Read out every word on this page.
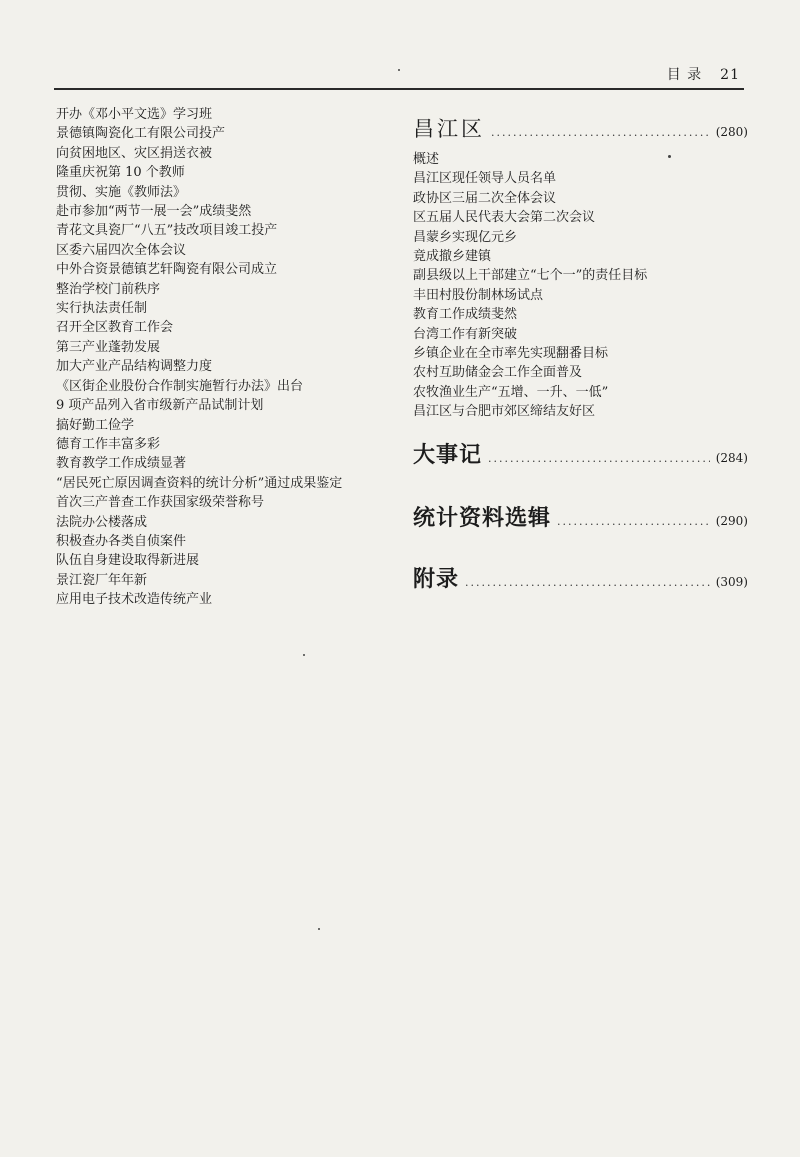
目 录 21
开办《邓小平文选》学习班
景德镇陶瓷化工有限公司投产
向贫困地区、灾区捐送衣被
隆重庆祝第 10 个教师
贯彻、实施《教师法》
赴市参加“两节一展一会”成绩斐然
青花文具瓷厂“八五”技改项目竣工投产
区委六届四次全体会议
中外合资景德镇艺轩陶瓷有限公司成立
整治学校门前秩序
实行执法责任制
召开全区教育工作会
第三产业蓬勃发展
加大产业产品结构调整力度
《区街企业股份合作制实施暂行办法》出台
9 项产品列入省市级新产品试制计划
搞好勤工俭学
德育工作丰富多彩
教育教学工作成绩显著
“居民死亡原因调查资料的统计分析”通过成果鉴定
首次三产普查工作获国家级荣誉称号
法院办公楼落成
积极查办各类自侦案件
队伍自身建设取得新进展
景江瓷厂年年新
应用电子技术改造传统产业
昌江区 .....	(280)
概述
昌江区现任领导人员名单
政协区三届二次全体会议
区五届人民代表大会第二次会议
昌蒙乡实现亿元乡
竟成撤乡建镇
副县级以上干部建立“七个一”的责任目标
丰田村股份制林场试点
教育工作成绩斐然
台湾工作有新突破
乡镇企业在全市率先实现翻番目标
农村互助储金会工作全面普及
农牧渔业生产“五增、一升、一低”
昌江区与合肥市郊区缔结友好区
大事记 .....	(284)
统计资料选辑 .....	(290)
附录 .....	(309)
